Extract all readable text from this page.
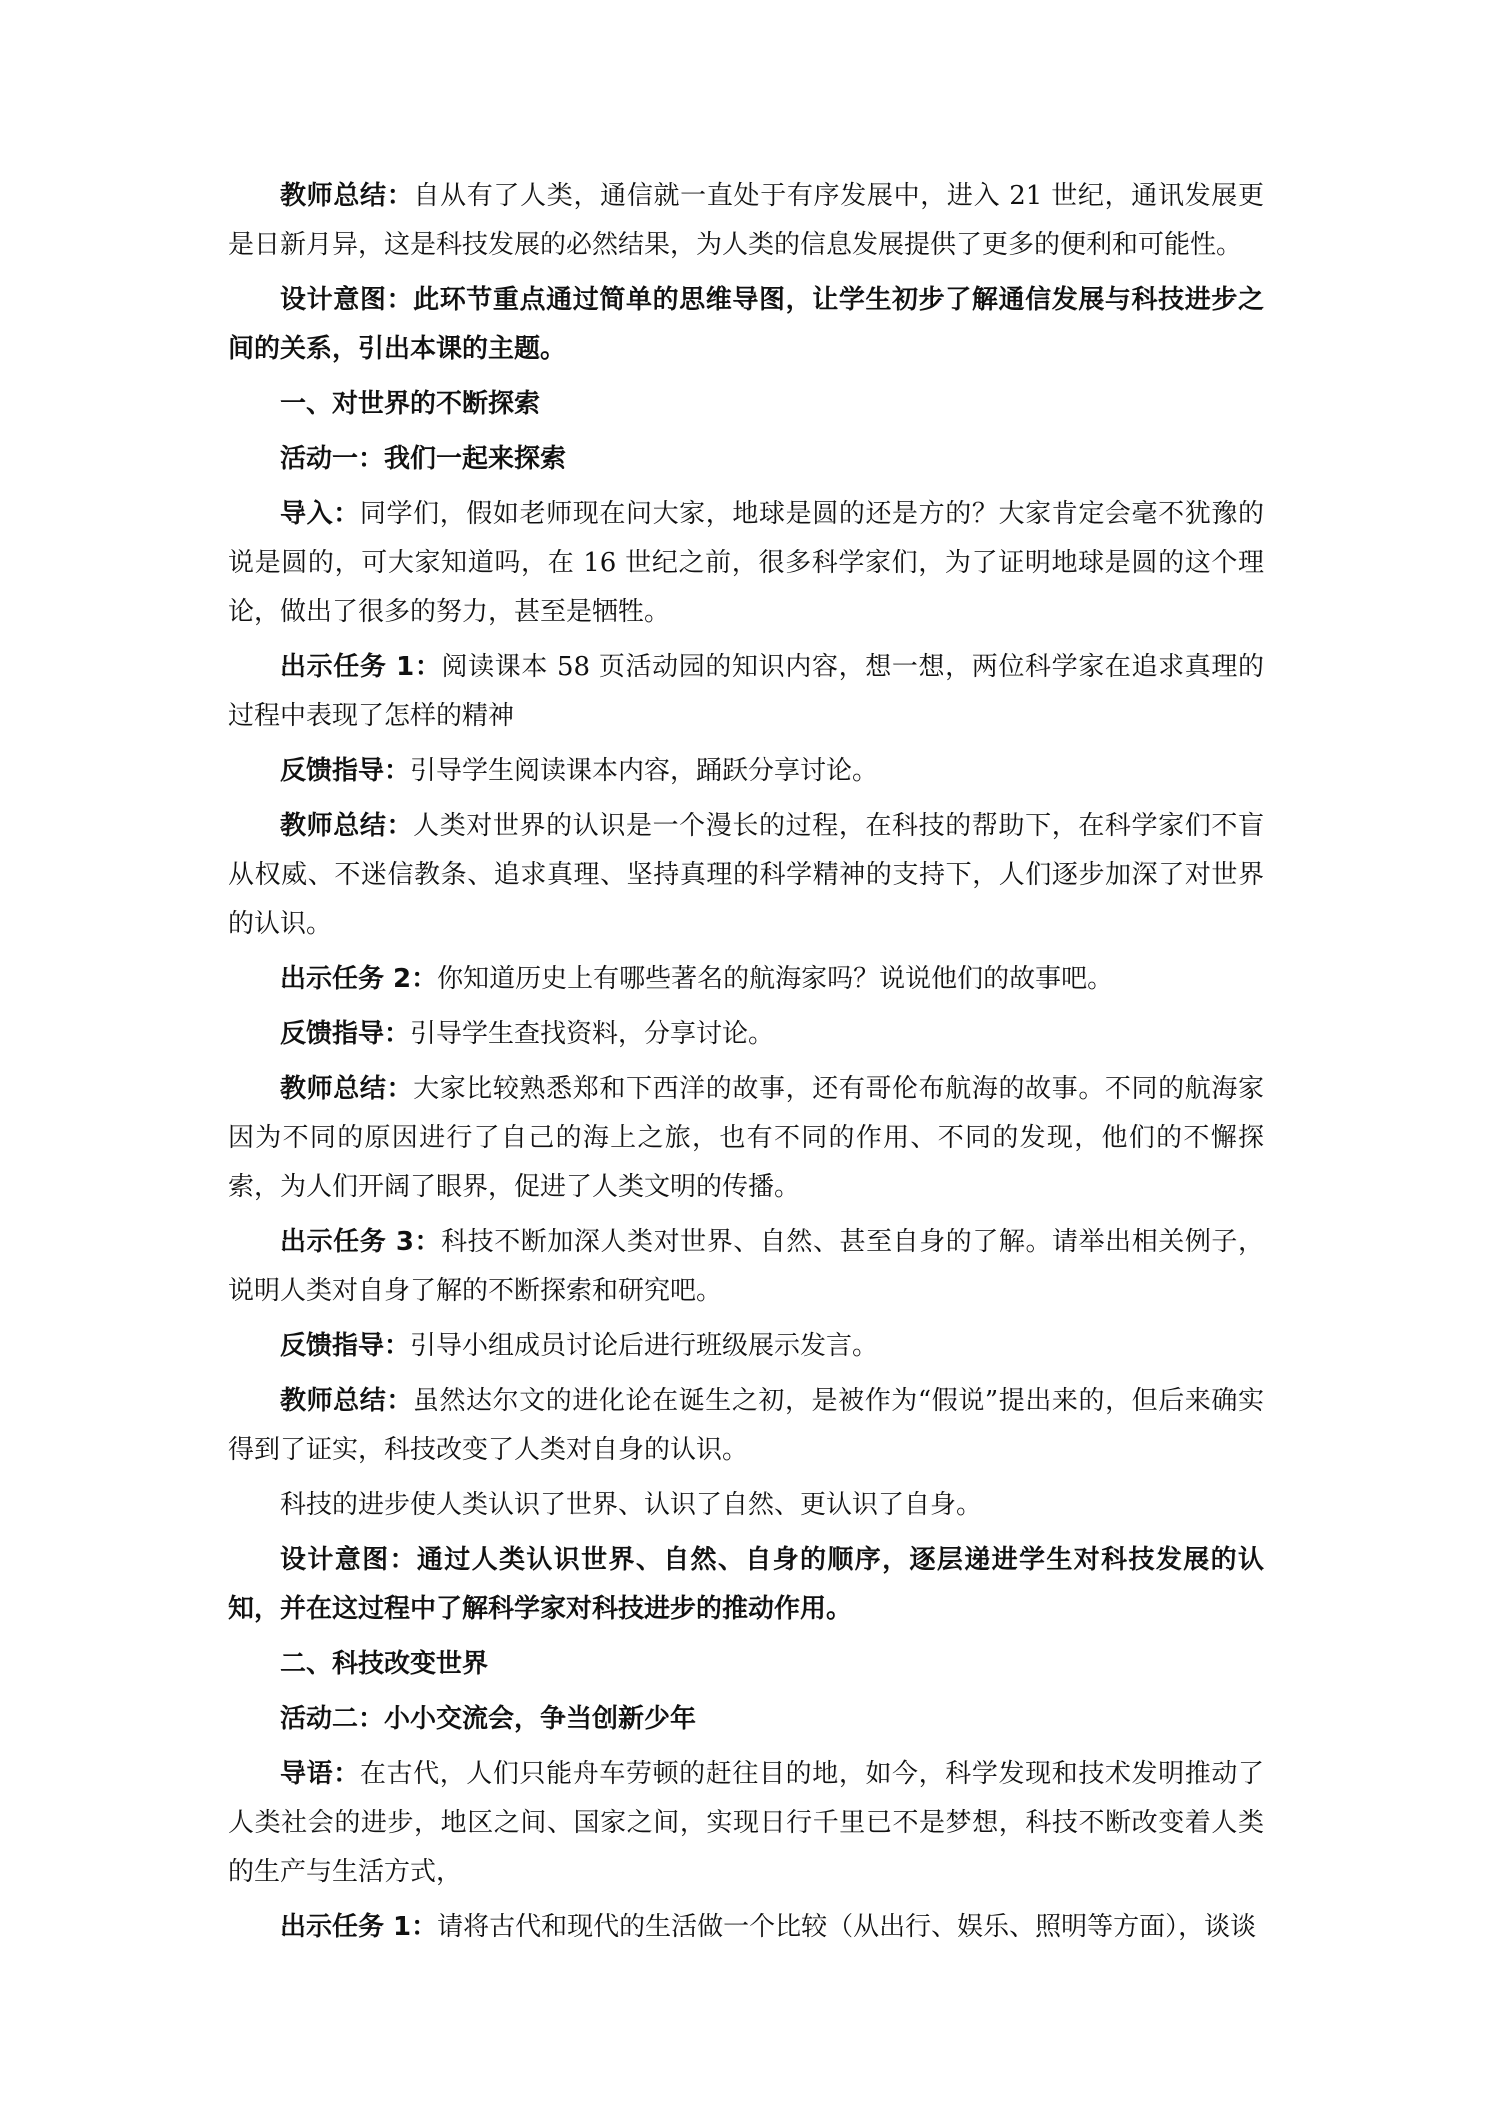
教师总结：自从有了人类，通信就一直处于有序发展中，进入 21 世纪，通讯发展更是日新月异，这是科技发展的必然结果，为人类的信息发展提供了更多的便利和可能性。

设计意图：此环节重点通过简单的思维导图，让学生初步了解通信发展与科技进步之间的关系，引出本课的主题。

一、对世界的不断探索

活动一：我们一起来探索

导入：同学们，假如老师现在问大家，地球是圆的还是方的？大家肯定会毫不犹豫的说是圆的，可大家知道吗，在 16 世纪之前，很多科学家们，为了证明地球是圆的这个理论，做出了很多的努力，甚至是牺牲。

出示任务 1：阅读课本 58 页活动园的知识内容，想一想，两位科学家在追求真理的过程中表现了怎样的精神

反馈指导：引导学生阅读课本内容，踊跃分享讨论。

教师总结：人类对世界的认识是一个漫长的过程，在科技的帮助下，在科学家们不盲从权威、不迷信教条、追求真理、坚持真理的科学精神的支持下，人们逐步加深了对世界的认识。

出示任务 2：你知道历史上有哪些著名的航海家吗？说说他们的故事吧。

反馈指导：引导学生查找资料，分享讨论。

教师总结：大家比较熟悉郑和下西洋的故事，还有哥伦布航海的故事。不同的航海家因为不同的原因进行了自己的海上之旅，也有不同的作用、不同的发现，他们的不懈探索，为人们开阔了眼界，促进了人类文明的传播。

出示任务 3：科技不断加深人类对世界、自然、甚至自身的了解。请举出相关例子，说明人类对自身了解的不断探索和研究吧。

反馈指导：引导小组成员讨论后进行班级展示发言。

教师总结：虽然达尔文的进化论在诞生之初，是被作为“假说”提出来的，但后来确实得到了证实，科技改变了人类对自身的认识。

科技的进步使人类认识了世界、认识了自然、更认识了自身。

设计意图：通过人类认识世界、自然、自身的顺序，逐层递进学生对科技发展的认知，并在这过程中了解科学家对科技进步的推动作用。

二、科技改变世界

活动二：小小交流会，争当创新少年

导语：在古代，人们只能舟车劳顿的赶往目的地，如今，科学发现和技术发明推动了人类社会的进步，地区之间、国家之间，实现日行千里已不是梦想，科技不断改变着人类的生产与生活方式，

出示任务 1：请将古代和现代的生活做一个比较（从出行、娱乐、照明等方面），谈谈
